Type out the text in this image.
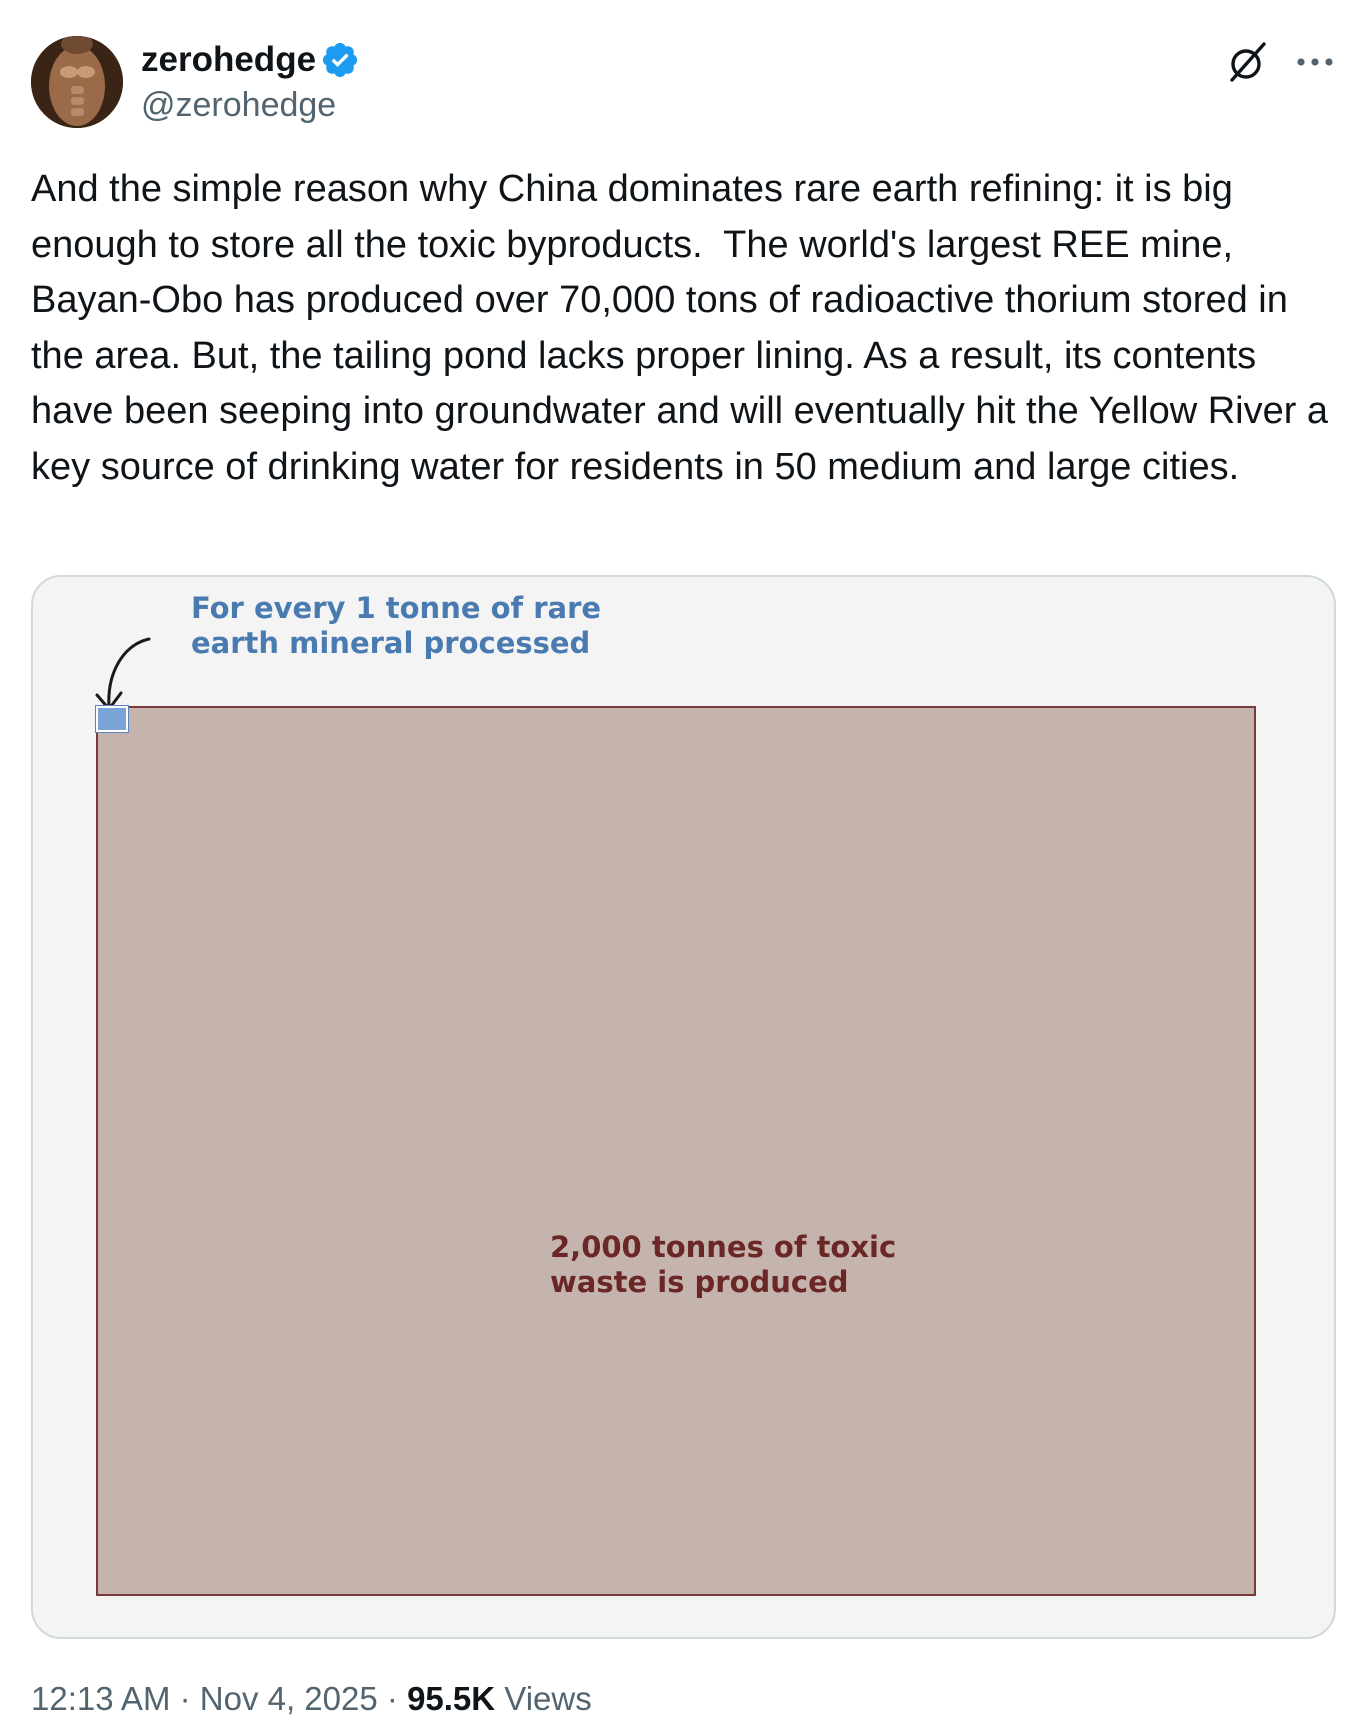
zerohedge
@zerohedge
And the simple reason why China dominates rare earth refining: it is big enough to store all the toxic byproducts.  The world's largest REE mine, Bayan-Obo has produced over 70,000 tons of radioactive thorium stored in the area. But, the tailing pond lacks proper lining. As a result, its contents have been seeping into groundwater and will eventually hit the Yellow River a key source of drinking water for residents in 50 medium and large cities.
For every 1 tonne of rare
earth mineral processed
2,000 tonnes of toxic
waste is produced
12:13 AM · Nov 4, 2025 · 95.5K Views
